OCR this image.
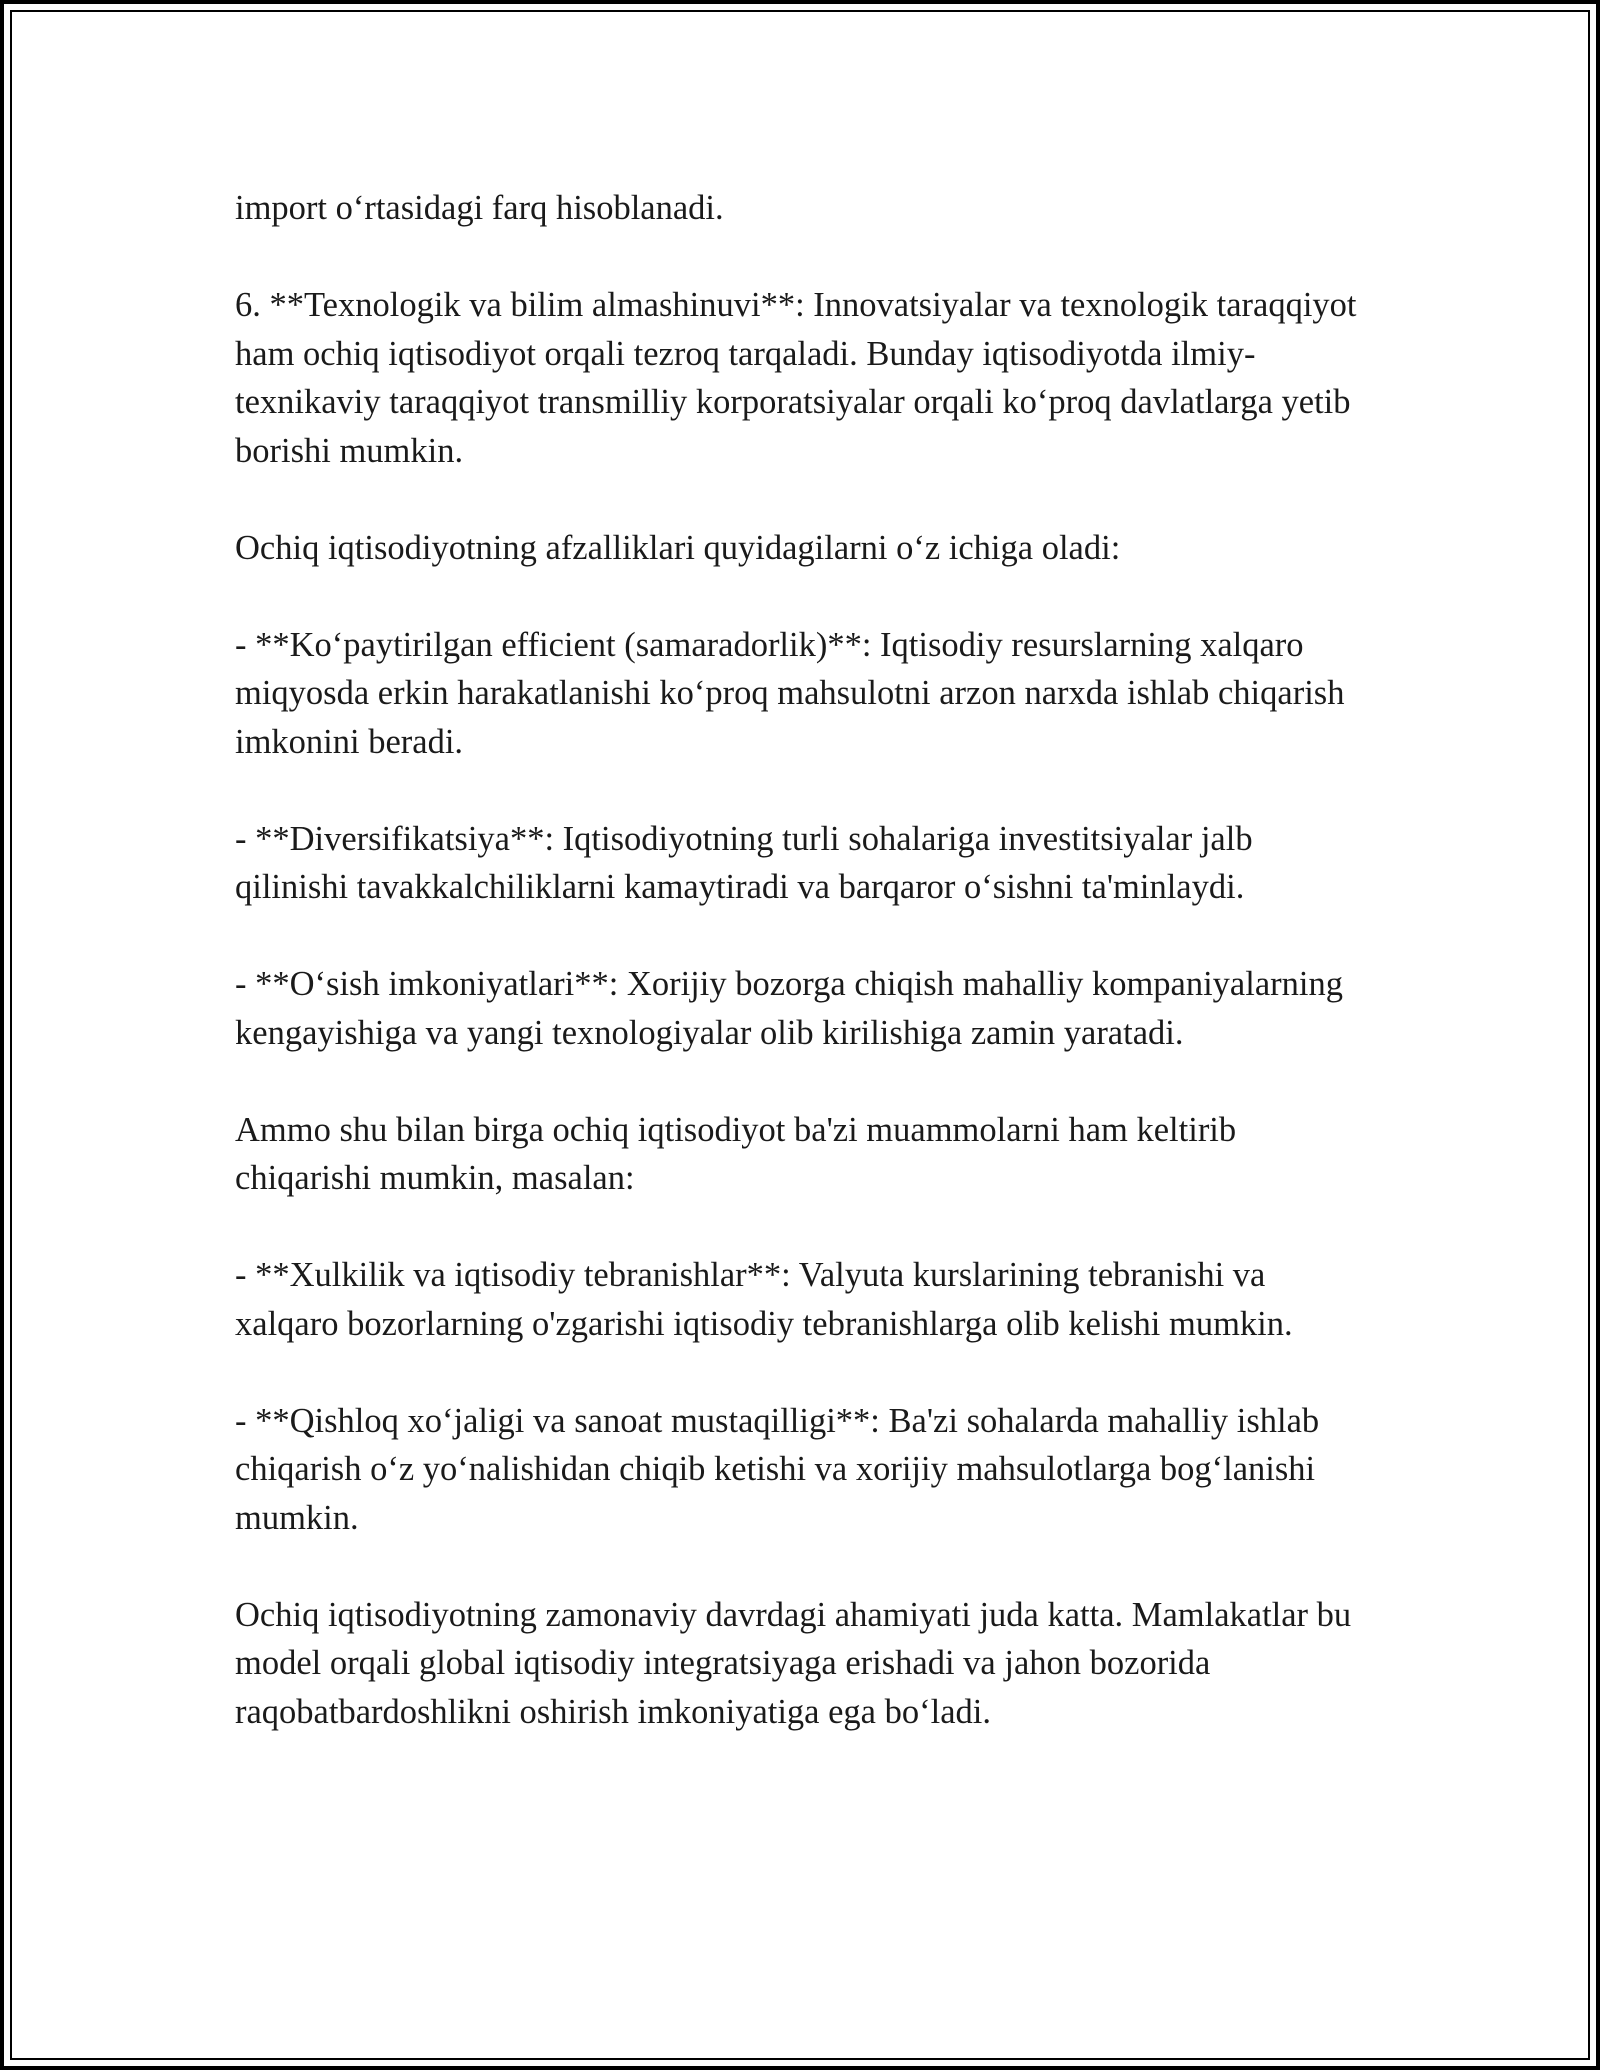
import o‘rtasidagi farq hisoblanadi.

6. **Texnologik va bilim almashinuvi**: Innovatsiyalar va texnologik taraqqiyot ham ochiq iqtisodiyot orqali tezroq tarqaladi. Bunday iqtisodiyotda ilmiy-texnikaviy taraqqiyot transmilliy korporatsiyalar orqali ko‘proq davlatlarga yetib borishi mumkin.

Ochiq iqtisodiyotning afzalliklari quyidagilarni o‘z ichiga oladi:

- **Ko‘paytirilgan efficient (samaradorlik)**: Iqtisodiy resurslarning xalqaro miqyosda erkin harakatlanishi ko‘proq mahsulotni arzon narxda ishlab chiqarish imkonini beradi.

- **Diversifikatsiya**: Iqtisodiyotning turli sohalariga investitsiyalar jalb qilinishi tavakkalchiliklarni kamaytiradi va barqaror o‘sishni ta'minlaydi.

- **O‘sish imkoniyatlari**: Xorijiy bozorga chiqish mahalliy kompaniyalarning kengayishiga va yangi texnologiyalar olib kirilishiga zamin yaratadi.

Ammo shu bilan birga ochiq iqtisodiyot ba'zi muammolarni ham keltirib chiqarishi mumkin, masalan:

- **Xulkilik va iqtisodiy tebranishlar**: Valyuta kurslarining tebranishi va xalqaro bozorlarning o'zgarishi iqtisodiy tebranishlarga olib kelishi mumkin.

- **Qishloq xo‘jaligi va sanoat mustaqilligi**: Ba'zi sohalarda mahalliy ishlab chiqarish o‘z yo‘nalishidan chiqib ketishi va xorijiy mahsulotlarga bog‘lanishi mumkin.

Ochiq iqtisodiyotning zamonaviy davrdagi ahamiyati juda katta. Mamlakatlar bu model orqali global iqtisodiy integratsiyaga erishadi va jahon bozorida raqobatbardoshlikni oshirish imkoniyatiga ega bo‘ladi.
